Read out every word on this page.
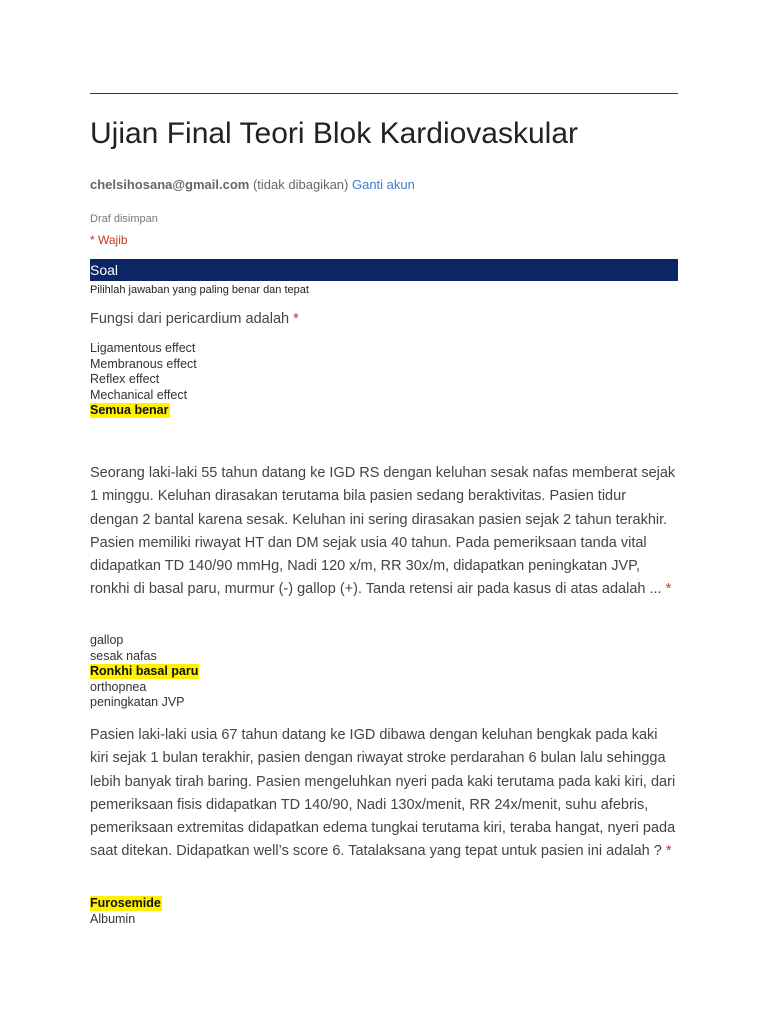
Ujian Final Teori Blok Kardiovaskular
chelsihosana@gmail.com (tidak dibagikan) Ganti akun
Draf disimpan
* Wajib
Soal
Pilihlah jawaban yang paling benar dan tepat

Fungsi dari pericardium adalah *

Ligamentous effect
Membranous effect
Reflex effect
Mechanical effect
Semua benar

Seorang laki-laki 55 tahun datang ke IGD RS dengan keluhan sesak nafas memberat sejak 1 minggu. Keluhan dirasakan terutama bila pasien sedang beraktivitas. Pasien tidur dengan 2 bantal karena sesak. Keluhan ini sering dirasakan pasien sejak 2 tahun terakhir. Pasien memiliki riwayat HT dan DM sejak usia 40 tahun. Pada pemeriksaan tanda vital didapatkan TD 140/90 mmHg, Nadi 120 x/m, RR 30x/m, didapatkan peningkatan JVP, ronkhi di basal paru, murmur (-) gallop (+). Tanda retensi air pada kasus di atas adalah ... *

gallop
sesak nafas
Ronkhi basal paru
orthopnea
peningkatan JVP

Pasien laki-laki usia 67 tahun datang ke IGD dibawa dengan keluhan bengkak pada kaki kiri sejak 1 bulan terakhir, pasien dengan riwayat stroke perdarahan 6 bulan lalu sehingga lebih banyak tirah baring. Pasien mengeluhkan nyeri pada kaki terutama pada kaki kiri, dari pemeriksaan fisis didapatkan TD 140/90, Nadi 130x/menit, RR 24x/menit, suhu afebris, pemeriksaan extremitas didapatkan edema tungkai terutama kiri, teraba hangat, nyeri pada saat ditekan. Didapatkan well’s score 6. Tatalaksana yang tepat untuk pasien ini adalah ? *

Furosemide
Albumin
